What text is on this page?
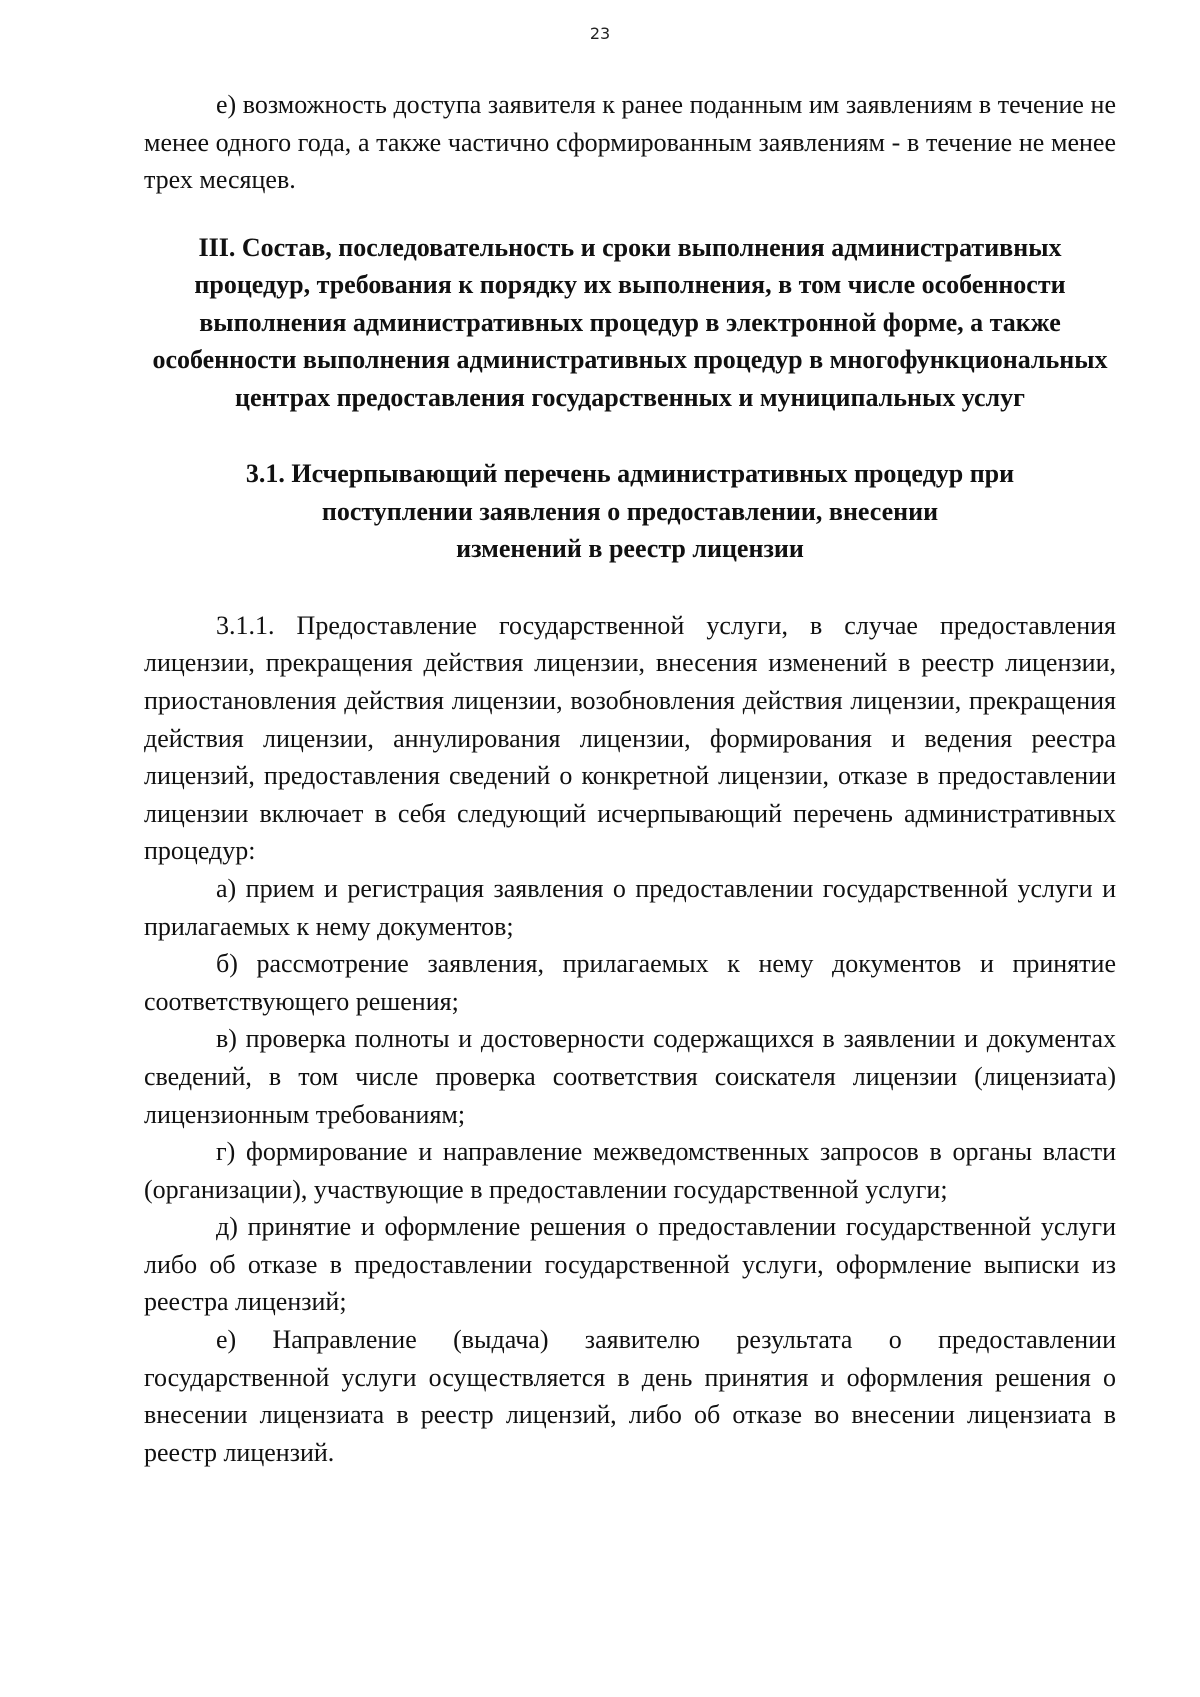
23

е) возможность доступа заявителя к ранее поданным им заявлениям в течение не менее одного года, а также частично сформированным заявлениям - в течение не менее трех месяцев.

III. Состав, последовательность и сроки выполнения административных процедур, требования к порядку их выполнения, в том числе особенности выполнения административных процедур в электронной форме, а также особенности выполнения административных процедур в многофункциональных центрах предоставления государственных и муниципальных услуг

3.1. Исчерпывающий перечень административных процедур при
поступлении заявления о предоставлении, внесении
изменений в реестр лицензии

3.1.1. Предоставление государственной услуги, в случае предоставления лицензии, прекращения действия лицензии, внесения изменений в реестр лицензии, приостановления действия лицензии, возобновления действия лицензии, прекращения действия лицензии, аннулирования лицензии, формирования и ведения реестра лицензий, предоставления сведений о конкретной лицензии, отказе в предоставлении лицензии включает в себя следующий исчерпывающий перечень административных процедур:

а) прием и регистрация заявления о предоставлении государственной услуги и прилагаемых к нему документов;

б) рассмотрение заявления, прилагаемых к нему документов и принятие соответствующего решения;

в) проверка полноты и достоверности содержащихся в заявлении и документах сведений, в том числе проверка соответствия соискателя лицензии (лицензиата) лицензионным требованиям;

г) формирование и направление межведомственных запросов в органы власти (организации), участвующие в предоставлении государственной услуги;

д) принятие и оформление решения о предоставлении государственной услуги либо об отказе в предоставлении государственной услуги, оформление выписки из реестра лицензий;

е) Направление (выдача) заявителю результата о предоставлении государственной услуги осуществляется в день принятия и оформления решения о внесении лицензиата в реестр лицензий, либо об отказе во внесении лицензиата в реестр лицензий.
